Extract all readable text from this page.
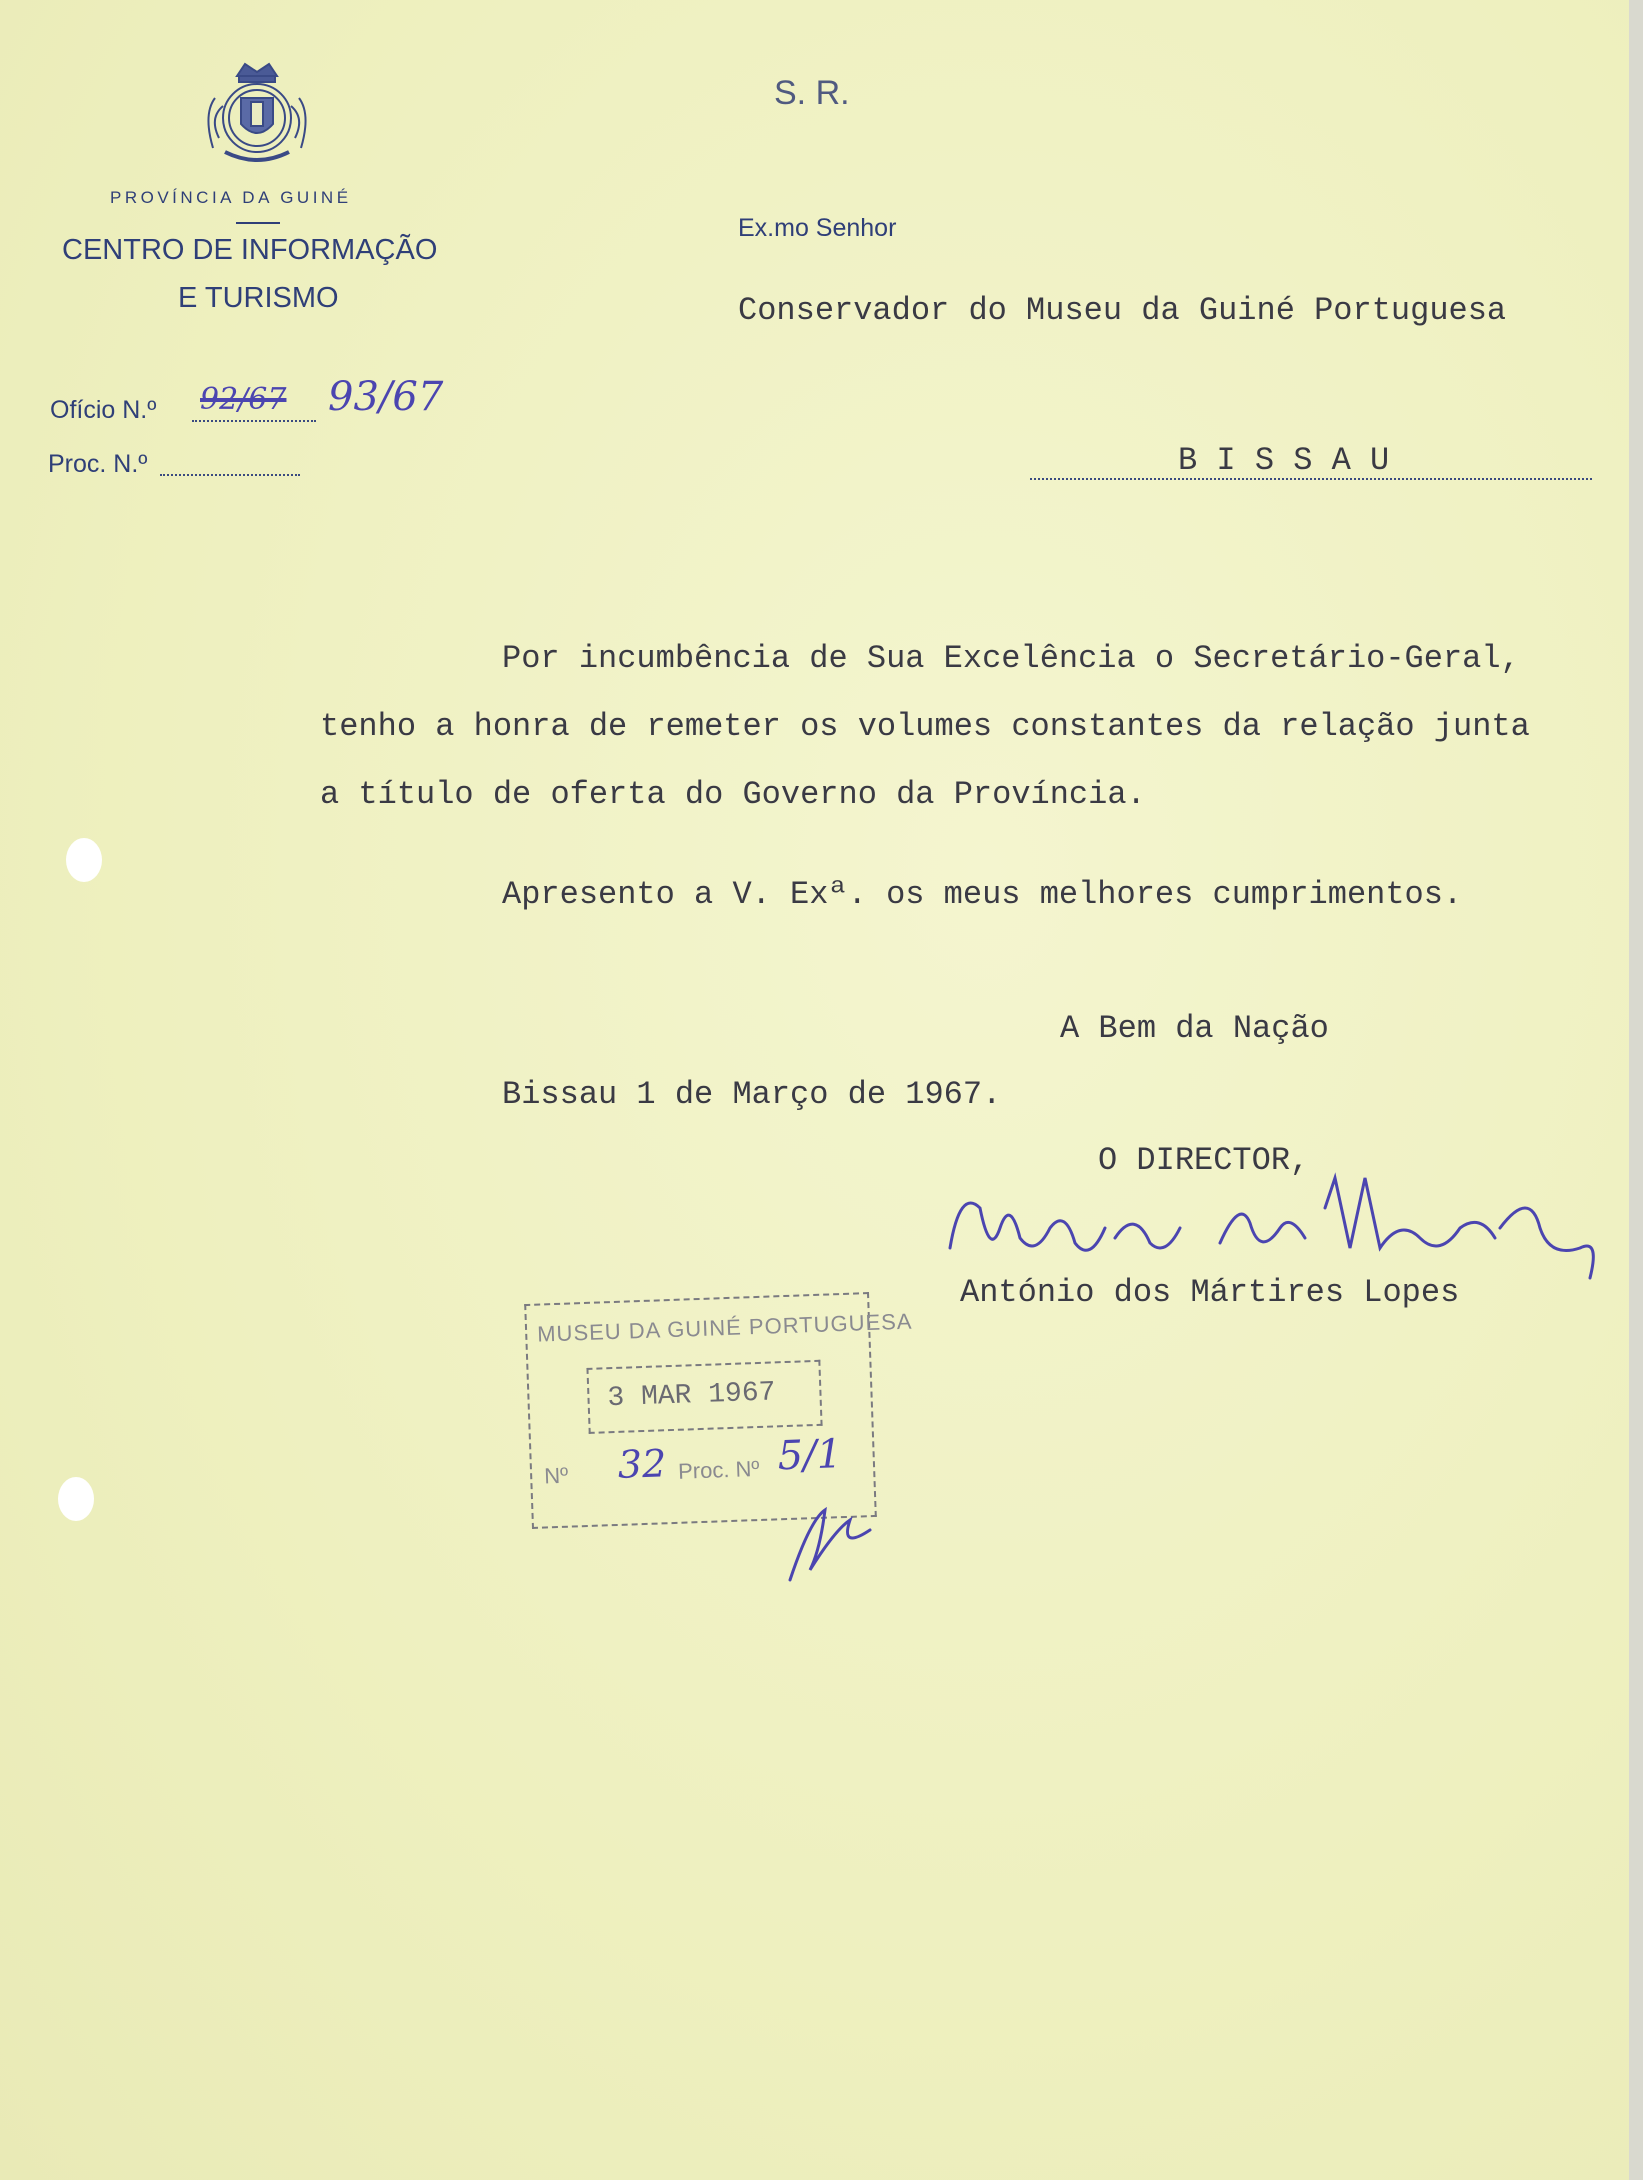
PROVÍNCIA DA GUINÉ
CENTRO DE INFORMAÇÃO
E TURISMO
Ofício N.º 92/67 93/67
Proc. N.º
S. R.
Ex.mo Senhor
Conservador do Museu da Guiné Portuguesa
B I S S A U
Por incumbência de Sua Excelência o Secretário-Geral,
tenho a honra de remeter os volumes constantes da relação junta
a título de oferta do Governo da Província.
Apresento a V. Exª. os meus melhores cumprimentos.
A Bem da Nação
Bissau 1 de Março de 1967.
O DIRECTOR,
António dos Mártires Lopes
MUSEU DA GUINÉ PORTUGUESA
3 MAR 1967
Nº 32 Proc. Nº 5/1
